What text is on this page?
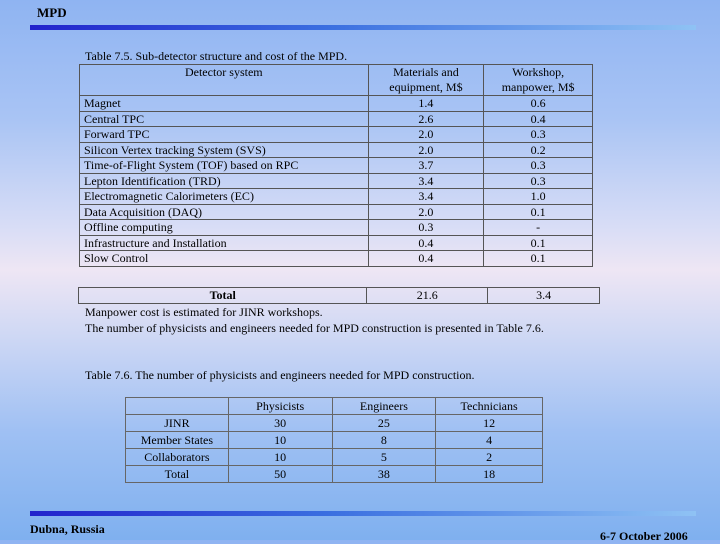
MPD
Table 7.5. Sub-detector structure and cost of the MPD.
Detector system	Materials and equipment, M$	Workshop, manpower, M$
Magnet	1.4	0.6
Central TPC	2.6	0.4
Forward TPC	2.0	0.3
Silicon Vertex tracking System (SVS)	2.0	0.2
Time-of-Flight System (TOF) based on RPC	3.7	0.3
Lepton Identification (TRD)	3.4	0.3
Electromagnetic Calorimeters (EC)	3.4	1.0
Data Acquisition (DAQ)	2.0	0.1
Offline computing	0.3	-
Infrastructure and Installation	0.4	0.1
Slow Control	0.4	0.1
Total	21.6	3.4
Manpower cost is estimated for JINR workshops.
The number of physicists and engineers needed for MPD construction is presented in Table 7.6.
Table 7.6. The number of physicists and engineers needed for MPD construction.
	Physicists	Engineers	Technicians
JINR	30	25	12
Member States	10	8	4
Collaborators	10	5	2
Total	50	38	18
Dubna, Russia	6-7 October 2006
